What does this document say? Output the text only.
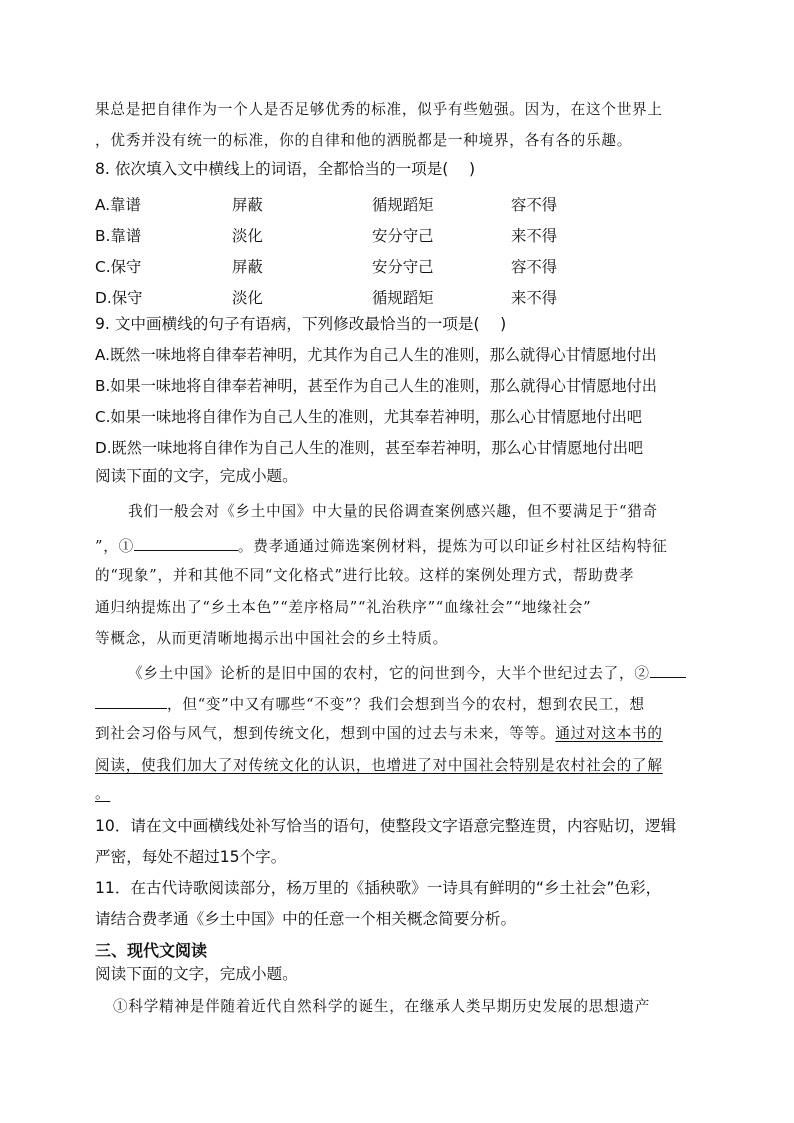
果总是把自律作为一个人是否足够优秀的标准，似乎有些勉强。因为，在这个世界上
，优秀并没有统一的标准，你的自律和他的洒脱都是一种境界，各有各的乐趣。
8. 依次填入文中横线上的词语，全都恰当的一项是(　 )
A.靠谱	屏蔽	循规蹈矩	容不得
B.靠谱	淡化	安分守己	来不得
C.保守	屏蔽	安分守己	容不得
D.保守	淡化	循规蹈矩	来不得
9. 文中画横线的句子有语病，下列修改最恰当的一项是(　 )
A.既然一味地将自律奉若神明，尤其作为自己人生的准则，那么就得心甘情愿地付出
B.如果一味地将自律奉若神明，甚至作为自己人生的准则，那么就得心甘情愿地付出
C.如果一味地将自律作为自己人生的准则，尤其奉若神明，那么心甘情愿地付出吧
D.既然一味地将自律作为自己人生的准则，甚至奉若神明，那么心甘情愿地付出吧
阅读下面的文字，完成小题。
我们一般会对《乡土中国》中大量的民俗调查案例感兴趣，但不要满足于“猎奇
”，①	。费孝通通过筛选案例材料，提炼为可以印证乡村社区结构特征
的“现象”，并和其他不同“文化格式”进行比较。这样的案例处理方式，帮助费孝
通归纳提炼出了“乡土本色”“差序格局”“礼治秩序”“血缘社会”“地缘社会”
等概念，从而更清晰地揭示出中国社会的乡土特质。
《乡土中国》论析的是旧中国的农村，它的问世到今，大半个世纪过去了，②
，但“变”中又有哪些“不变”？我们会想到当今的农村，想到农民工，想
到社会习俗与风气，想到传统文化，想到中国的过去与未来，等等。通过对这本书的
阅读，使我们加大了对传统文化的认识，也增进了对中国社会特别是农村社会的了解
。
10．请在文中画横线处补写恰当的语句，使整段文字语意完整连贯，内容贴切，逻辑
严密，每处不超过15个字。
11．在古代诗歌阅读部分，杨万里的《插秧歌》一诗具有鲜明的“乡土社会”色彩，
请结合费孝通《乡土中国》中的任意一个相关概念简要分析。
三、现代文阅读
阅读下面的文字，完成小题。
①科学精神是伴随着近代自然科学的诞生，在继承人类早期历史发展的思想遗产
